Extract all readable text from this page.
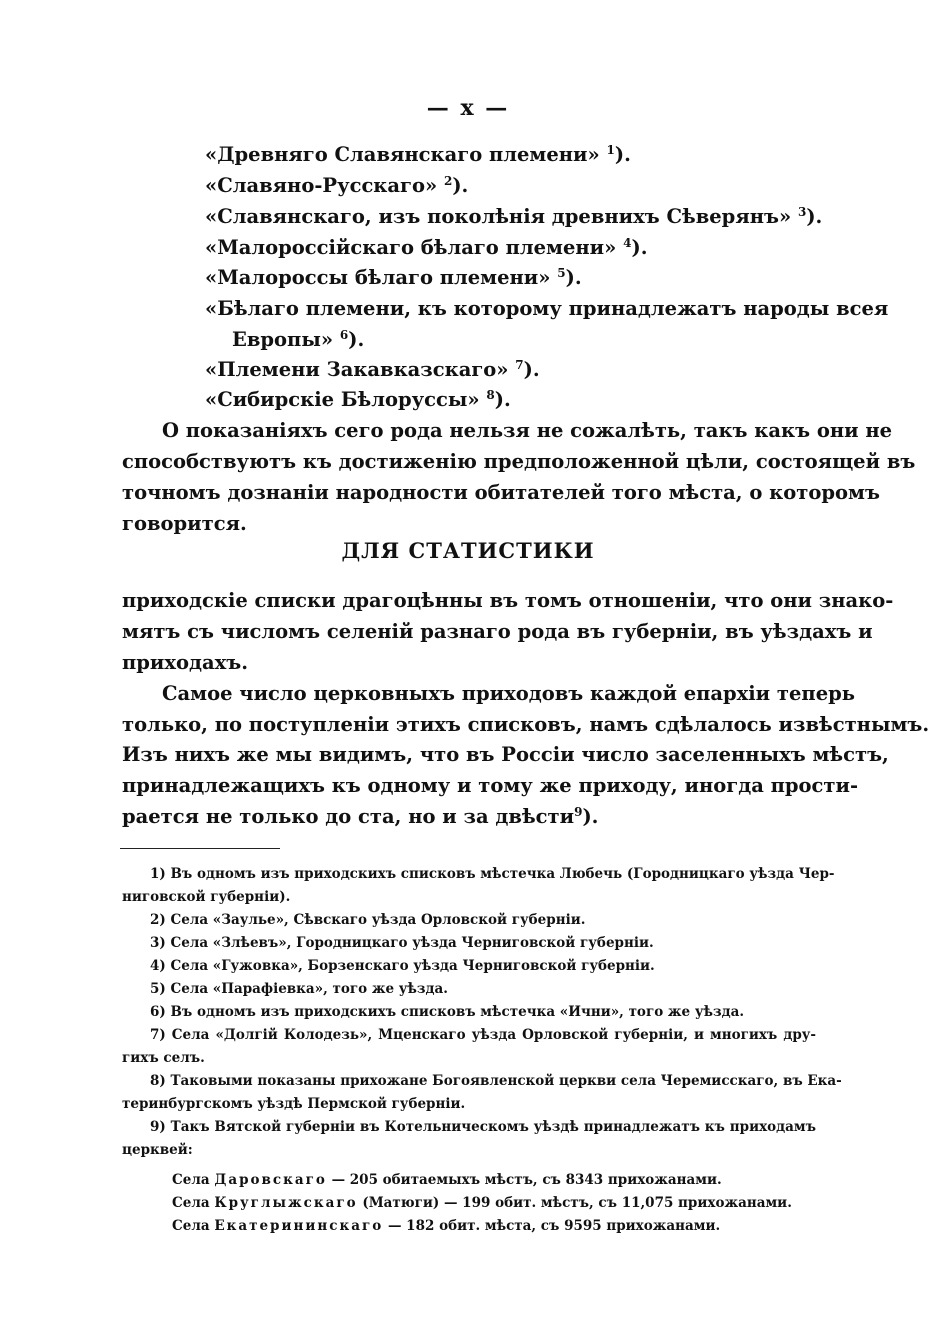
— x —
«Древняго Славянскаго племени» $^1$).
«Славяно-Русскаго» $^2$).
«Славянскаго, изъ поколѣнія древнихъ Сѣверянъ» $^3$).
«Малороссійскаго бѣлаго племени» $^4$).
«Малороссы бѣлаго племени» $^5$).
«Бѣлаго племени, къ которому принадлежатъ народы всея
Европы» $^6$).
«Племени Закавказскаго» $^7$).
«Сибирскіе Бѣлоруссы» $^8$).
О показаніяхъ сего рода нельзя не сожалѣть, такъ какъ они не
способствуютъ къ достиженію предположенной цѣли, состоящей въ
точномъ дознаніи народности обитателей того мѣста, о которомъ
говорится.
ДЛЯ СТАТИСТИКИ
приходскіе списки драгоцѣнны въ томъ отношеніи, что они знако-
мятъ съ числомъ селеній разнаго рода въ губерніи, въ уѣздахъ и
приходахъ.
Самое число церковныхъ приходовъ каждой епархіи теперь
только, по поступленіи этихъ списковъ, намъ сдѣлалось извѣстнымъ.
Изъ нихъ же мы видимъ, что въ Россіи число заселенныхъ мѣстъ,
принадлежащихъ къ одному и тому же приходу, иногда прости-
рается не только до ста, но и за двѣсти$^9$).
1) Въ одномъ изъ приходскихъ списковъ мѣстечка Любечь (Городницкаго уѣзда Чер-
ниговской губерніи).
2) Села «Заулье», Сѣвскаго уѣзда Орловской губерніи.
3) Села «Злѣевъ», Городницкаго уѣзда Черниговской губерніи.
4) Села «Гужовка», Борзенскаго уѣзда Черниговской губерніи.
5) Села «Парафіевка», того же уѣзда.
6) Въ одномъ изъ приходскихъ списковъ мѣстечка «Ични», того же уѣзда.
7) Села «Долгій Колодезь», Мценскаго уѣзда Орловской губерніи, и многихъ дру-
гихъ селъ.
8) Таковыми показаны прихожане Богоявленской церкви села Черемисскаго, въ Ека-
теринбургскомъ уѣздѣ Пермской губерніи.
9) Такъ Вятской губерніи въ Котельническомъ уѣздѣ принадлежатъ къ приходамъ
церквей:
Села Даровскаго — 205 обитаемыхъ мѣстъ, съ 8343 прихожанами.
Села Круглыжскаго (Матюги) — 199 обит. мѣстъ, съ 11,075 прихожанами.
Села Екатерининскаго — 182 обит. мѣста, съ 9595 прихожанами.
